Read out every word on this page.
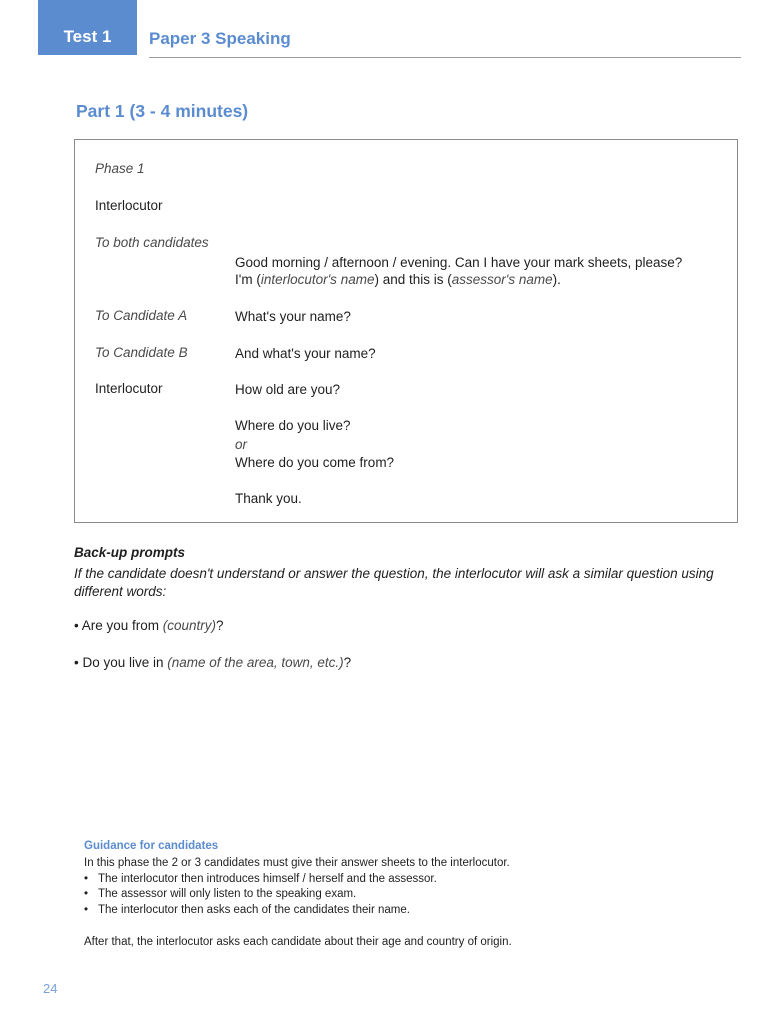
Test 1 Paper 3 Speaking
Part 1 (3 - 4 minutes)
Phase 1
Interlocutor
To both candidates
Good morning / afternoon / evening. Can I have your mark sheets, please?
I'm (interlocutor's name) and this is (assessor's name).
To Candidate A	What's your name?
To Candidate B	And what's your name?
Interlocutor	How old are you?
Where do you live?
or
Where do you come from?
Thank you.
Back-up prompts
If the candidate doesn't understand or answer the question, the interlocutor will ask a similar question using different words:
• Are you from (country)?
• Do you live in (name of the area, town, etc.)?
Guidance for candidates
In this phase the 2 or 3 candidates must give their answer sheets to the interlocutor.
• The interlocutor then introduces himself / herself and the assessor.
• The assessor will only listen to the speaking exam.
• The interlocutor then asks each of the candidates their name.
After that, the interlocutor asks each candidate about their age and country of origin.
24
